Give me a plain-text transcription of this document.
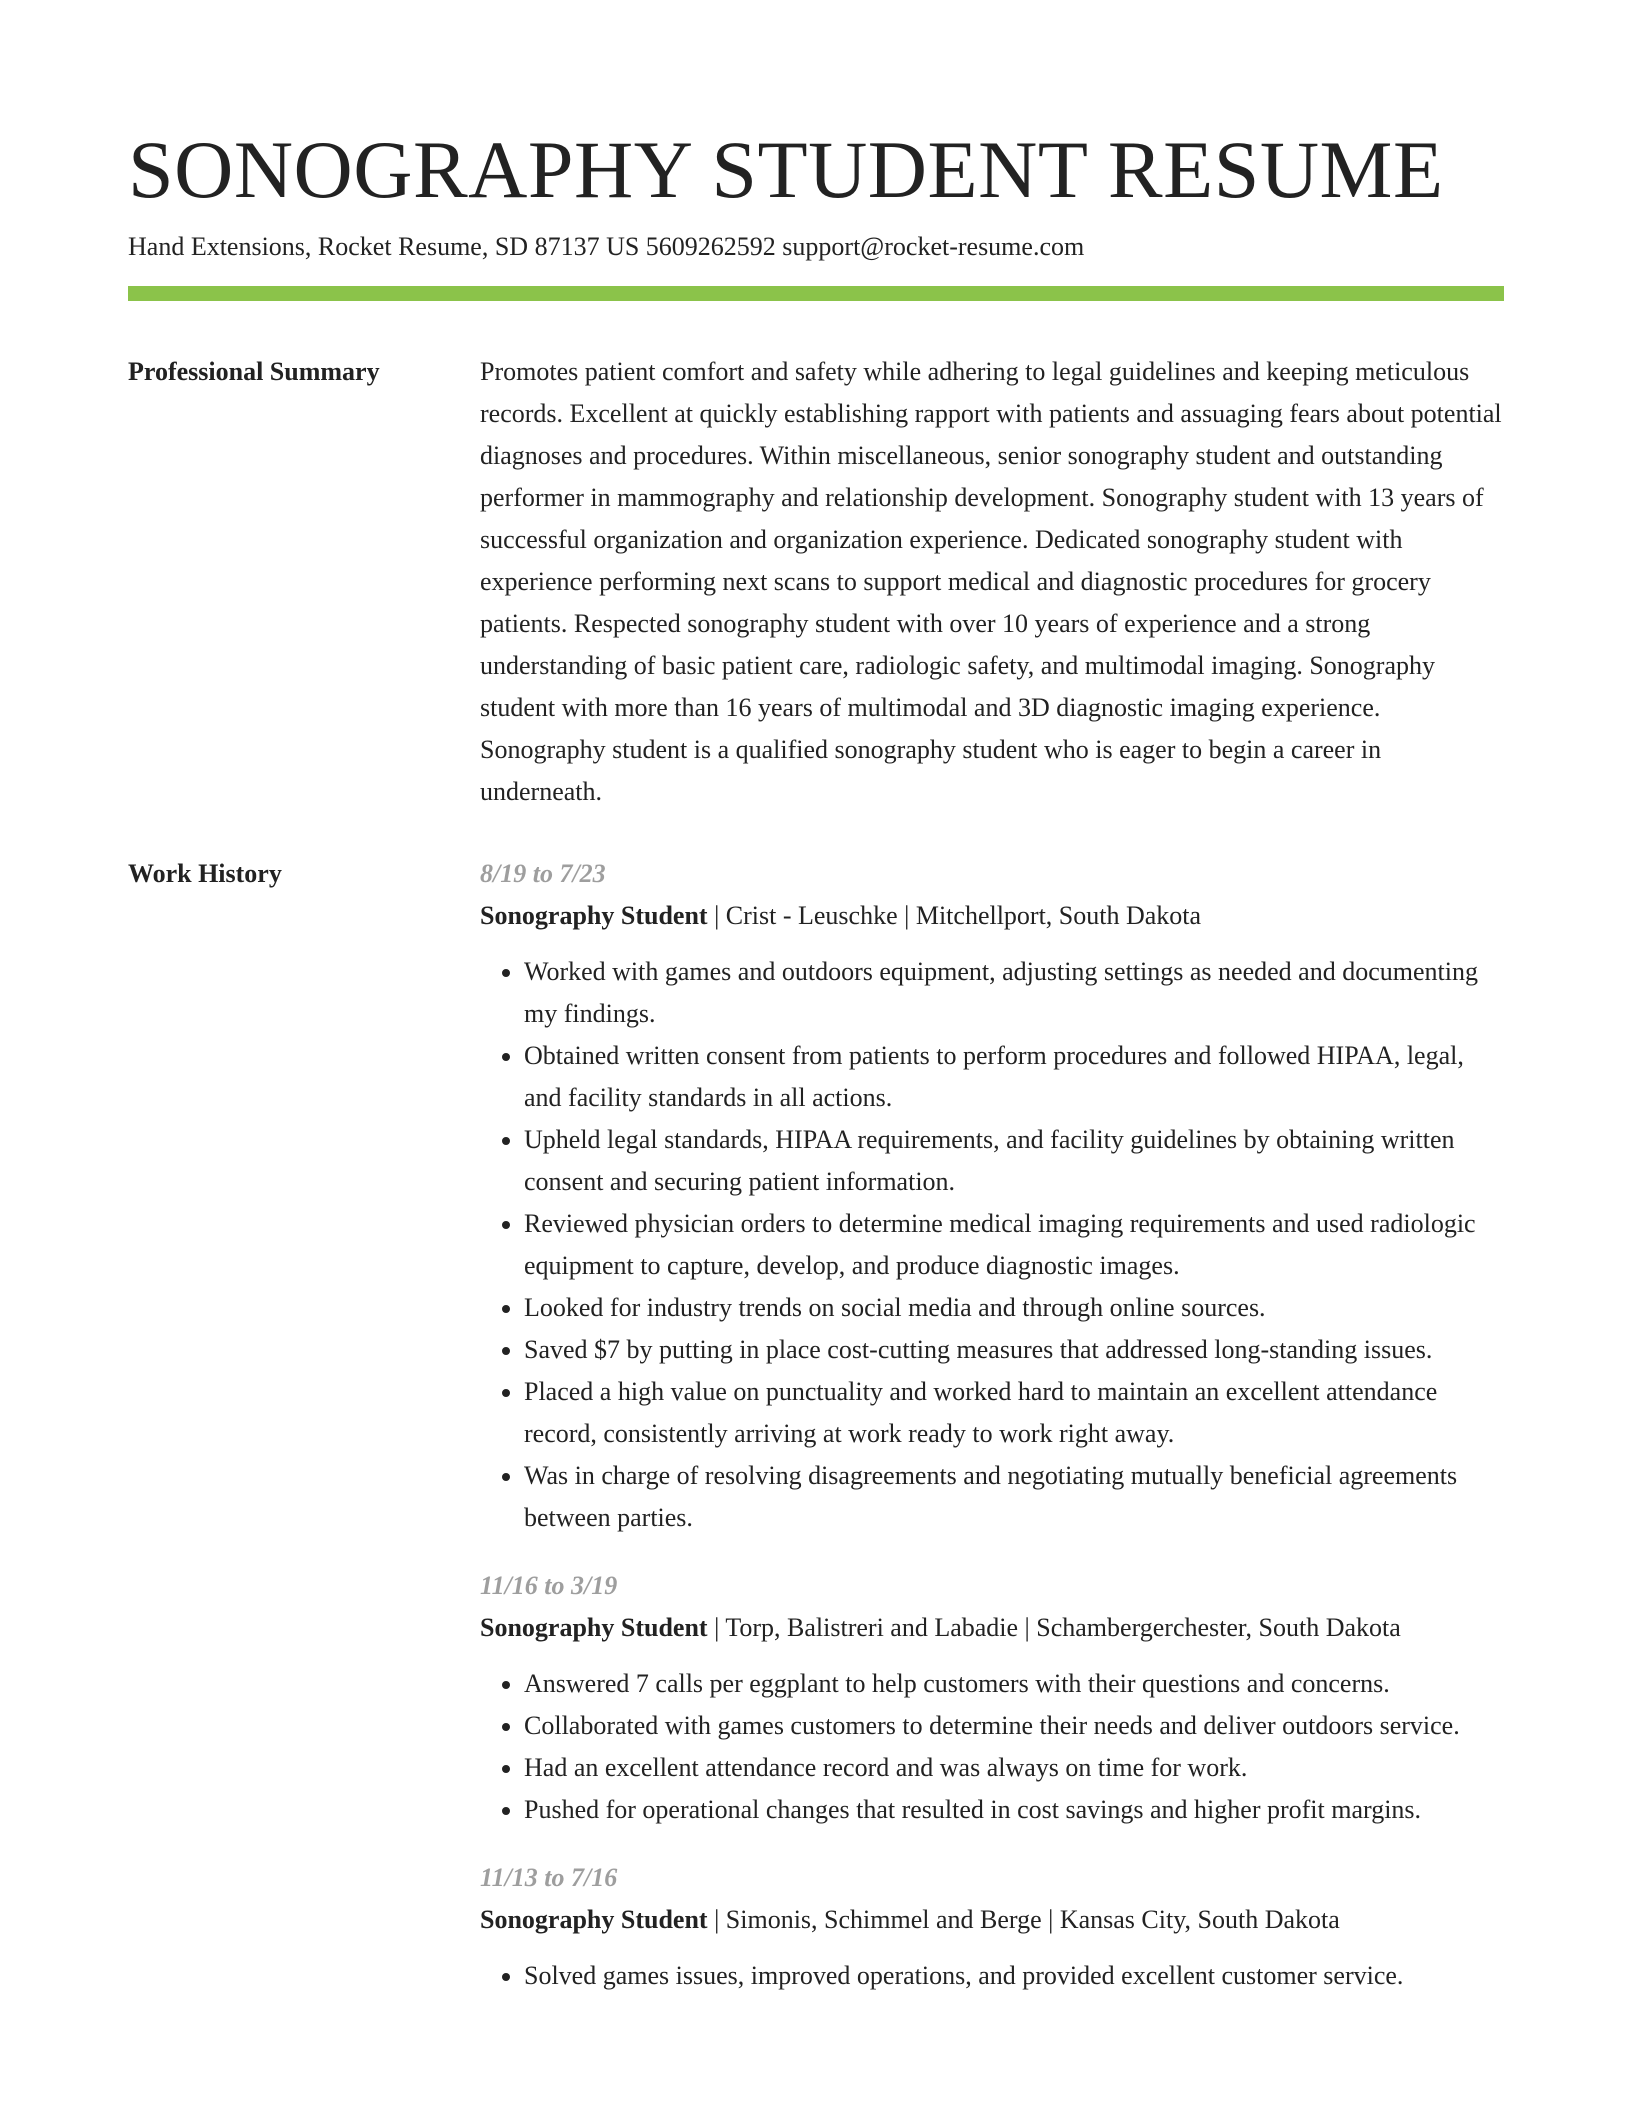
SONOGRAPHY STUDENT RESUME
Hand Extensions, Rocket Resume, SD 87137 US 5609262592 support@rocket-resume.com
Professional Summary	Promotes patient comfort and safety while adhering to legal guidelines and keeping meticulous records. Excellent at quickly establishing rapport with patients and assuaging fears about potential diagnoses and procedures. Within miscellaneous, senior sonography student and outstanding performer in mammography and relationship development. Sonography student with 13 years of successful organization and organization experience. Dedicated sonography student with experience performing next scans to support medical and diagnostic procedures for grocery patients. Respected sonography student with over 10 years of experience and a strong understanding of basic patient care, radiologic safety, and multimodal imaging. Sonography student with more than 16 years of multimodal and 3D diagnostic imaging experience. Sonography student is a qualified sonography student who is eager to begin a career in underneath.

Work History	8/19 to 7/23
Sonography Student | Crist - Leuschke | Mitchellport, South Dakota
• Worked with games and outdoors equipment, adjusting settings as needed and documenting my findings.
• Obtained written consent from patients to perform procedures and followed HIPAA, legal, and facility standards in all actions.
• Upheld legal standards, HIPAA requirements, and facility guidelines by obtaining written consent and securing patient information.
• Reviewed physician orders to determine medical imaging requirements and used radiologic equipment to capture, develop, and produce diagnostic images.
• Looked for industry trends on social media and through online sources.
• Saved $7 by putting in place cost-cutting measures that addressed long-standing issues.
• Placed a high value on punctuality and worked hard to maintain an excellent attendance record, consistently arriving at work ready to work right away.
• Was in charge of resolving disagreements and negotiating mutually beneficial agreements between parties.
11/16 to 3/19
Sonography Student | Torp, Balistreri and Labadie | Schambergerchester, South Dakota
• Answered 7 calls per eggplant to help customers with their questions and concerns.
• Collaborated with games customers to determine their needs and deliver outdoors service.
• Had an excellent attendance record and was always on time for work.
• Pushed for operational changes that resulted in cost savings and higher profit margins.
11/13 to 7/16
Sonography Student | Simonis, Schimmel and Berge | Kansas City, South Dakota
• Solved games issues, improved operations, and provided excellent customer service.
